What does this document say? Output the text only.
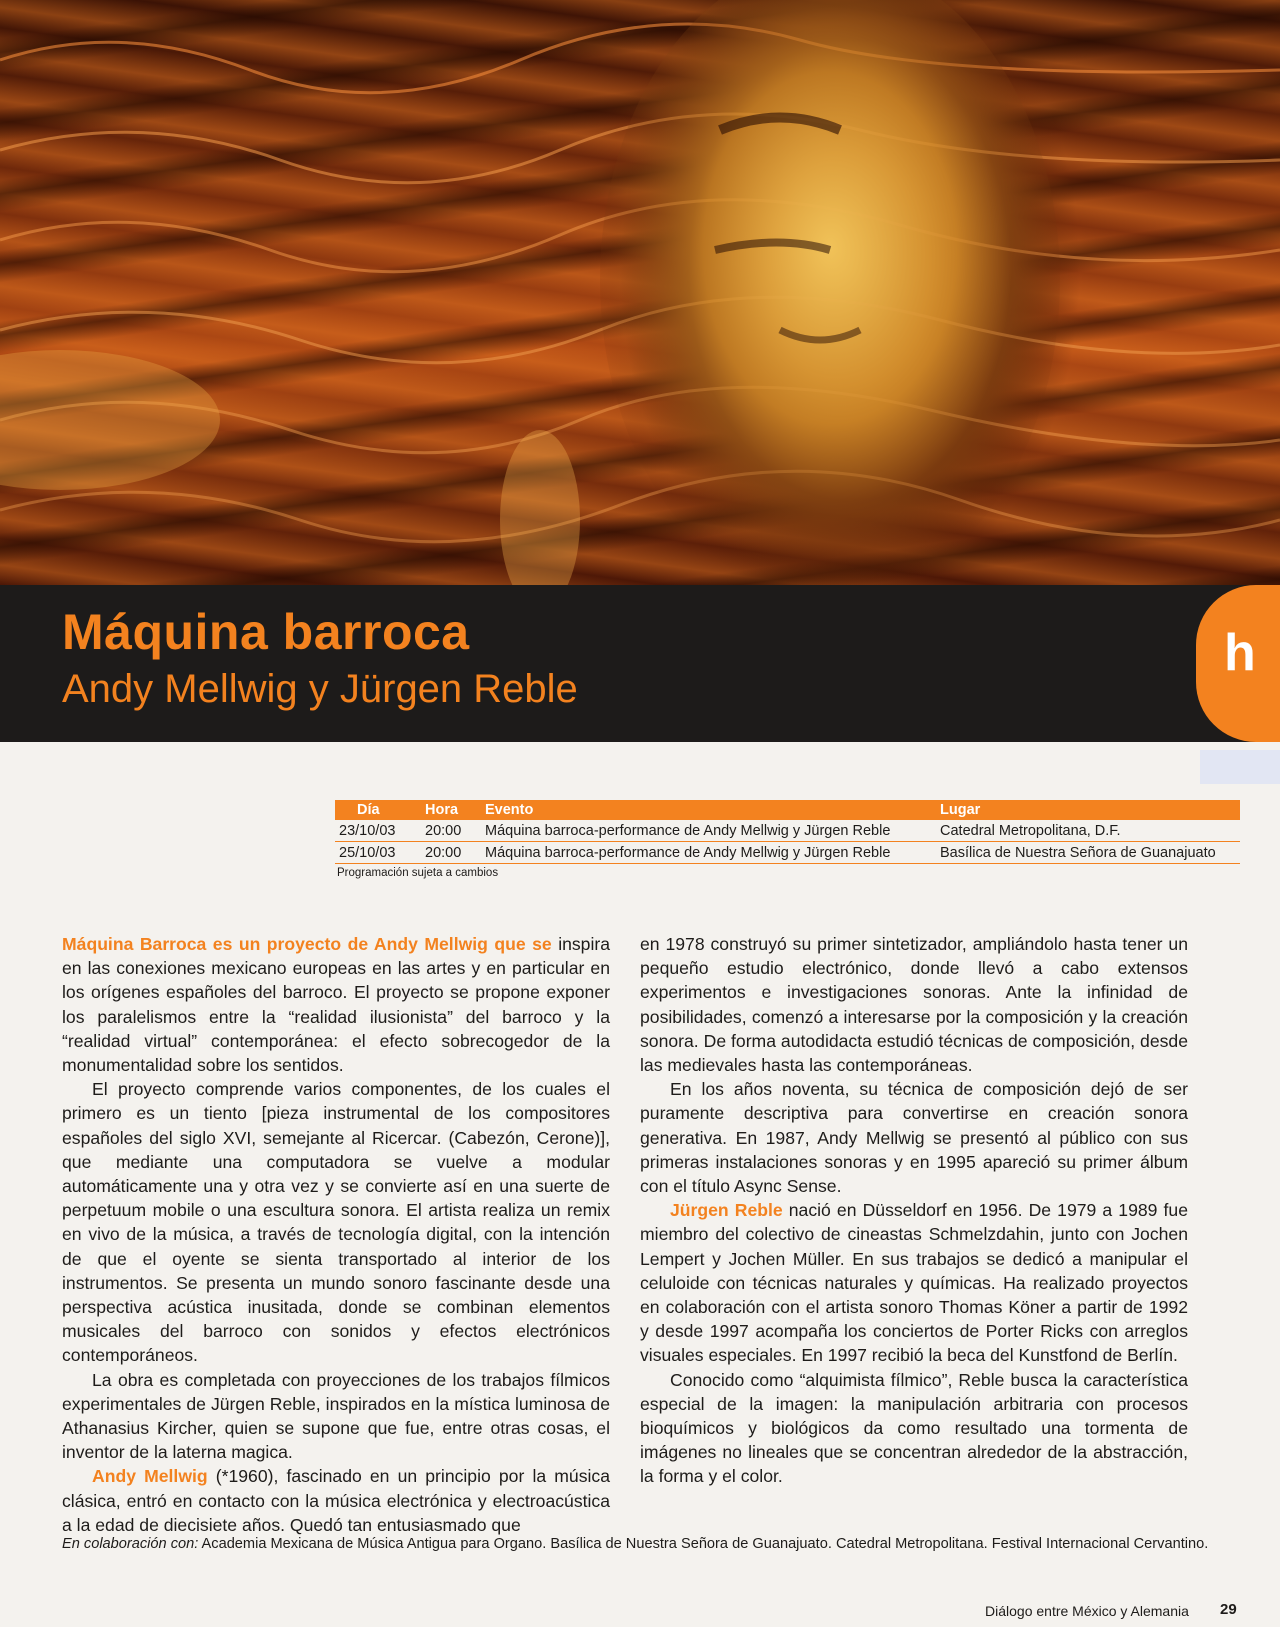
Máquina barroca
Andy Mellwig y Jürgen Reble
h
Día	Hora	Evento	Lugar
23/10/03	20:00	Máquina barroca-performance de Andy Mellwig y Jürgen Reble	Catedral Metropolitana, D.F.
25/10/03	20:00	Máquina barroca-performance de Andy Mellwig y Jürgen Reble	Basílica de Nuestra Señora de Guanajuato
Programación sujeta a cambios

Máquina Barroca es un proyecto de Andy Mellwig que se inspira en las conexiones mexicano europeas en las artes y en particular en los orígenes españoles del barroco. El proyecto se propone exponer los paralelismos entre la “realidad ilusionista” del barroco y la “realidad virtual” contemporánea: el efecto sobrecogedor de la monumentalidad sobre los sentidos.

El proyecto comprende varios componentes, de los cuales el primero es un tiento [pieza instrumental de los compositores españoles del siglo XVI, semejante al Ricercar. (Cabezón, Cerone)], que mediante una computadora se vuelve a modular automáticamente una y otra vez y se convierte así en una suerte de perpetuum mobile o una escultura sonora. El artista realiza un remix en vivo de la música, a través de tecnología digital, con la intención de que el oyente se sienta transportado al interior de los instrumentos. Se presenta un mundo sonoro fascinante desde una perspectiva acústica inusitada, donde se combinan elementos musicales del barroco con sonidos y efectos electrónicos contemporáneos.

La obra es completada con proyecciones de los trabajos fílmicos experimentales de Jürgen Reble, inspirados en la mística luminosa de Athanasius Kircher, quien se supone que fue, entre otras cosas, el inventor de la laterna magica.

Andy Mellwig (*1960), fascinado en un principio por la música clásica, entró en contacto con la música electrónica y electroacústica a la edad de diecisiete años. Quedó tan entusiasmado que

en 1978 construyó su primer sintetizador, ampliándolo hasta tener un pequeño estudio electrónico, donde llevó a cabo extensos experimentos e investigaciones sonoras. Ante la infinidad de posibilidades, comenzó a interesarse por la composición y la creación sonora. De forma autodidacta estudió técnicas de composición, desde las medievales hasta las contemporáneas.

En los años noventa, su técnica de composición dejó de ser puramente descriptiva para convertirse en creación sonora generativa. En 1987, Andy Mellwig se presentó al público con sus primeras instalaciones sonoras y en 1995 apareció su primer álbum con el título Async Sense.

Jürgen Reble nació en Düsseldorf en 1956. De 1979 a 1989 fue miembro del colectivo de cineastas Schmelzdahin, junto con Jochen Lempert y Jochen Müller. En sus trabajos se dedicó a manipular el celuloide con técnicas naturales y químicas. Ha realizado proyectos en colaboración con el artista sonoro Thomas Köner a partir de 1992 y desde 1997 acompaña los conciertos de Porter Ricks con arreglos visuales especiales. En 1997 recibió la beca del Kunstfond de Berlín.

Conocido como “alquimista fílmico”, Reble busca la característica especial de la imagen: la manipulación arbitraria con procesos bioquímicos y biológicos da como resultado una tormenta de imágenes no lineales que se concentran alrededor de la abstracción, la forma y el color.

En colaboración con: Academia Mexicana de Música Antigua para Organo. Basílica de Nuestra Señora de Guanajuato. Catedral Metropolitana. Festival Internacional Cervantino.
Diálogo entre México y Alemania 29
